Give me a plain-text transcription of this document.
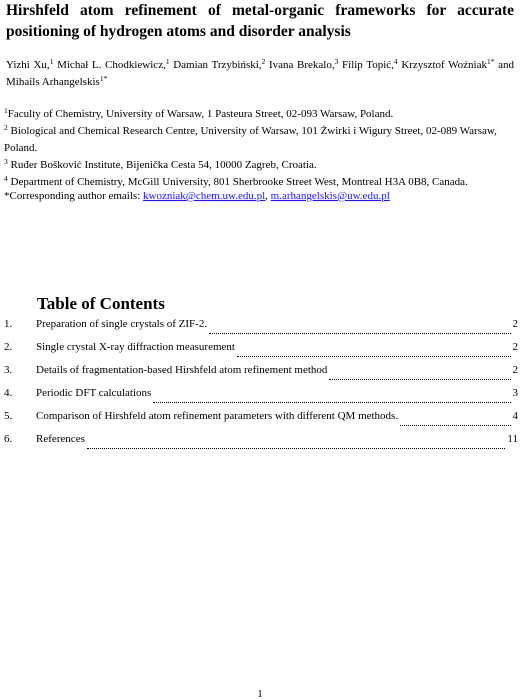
Hirshfeld atom refinement of metal-organic frameworks for accurate positioning of hydrogen atoms and disorder analysis
Yizhi Xu,$^1$ Michał L. Chodkiewicz,$^1$ Damian Trzybiński,$^2$ Ivana Brekalo,$^3$ Filip Topić,$^4$ Krzysztof Woźniak$^{1*}$ and Mihails Arhangelskis$^{1*}$
$^1$Faculty of Chemistry, University of Warsaw, 1 Pasteura Street, 02-093 Warsaw, Poland.
$^2$ Biological and Chemical Research Centre, University of Warsaw, 101 Żwirki i Wigury Street, 02-089 Warsaw, Poland.
$^3$ Ruđer Bošković Institute, Bijenička Cesta 54, 10000 Zagreb, Croatia.
$^4$ Department of Chemistry, McGill University, 801 Sherbrooke Street West, Montreal H3A 0B8, Canada.
*Corresponding author emails: kwozniak@chem.uw.edu.pl, m.arhangelskis@uw.edu.pl
Table of Contents
1.	Preparation of single crystals of ZIF-2.	2
2.	Single crystal X-ray diffraction measurement	2
3.	Details of fragmentation-based Hirshfeld atom refinement method	2
4.	Periodic DFT calculations	3
5.	Comparison of Hirshfeld atom refinement parameters with different QM methods.	4
6.	References	11
1
